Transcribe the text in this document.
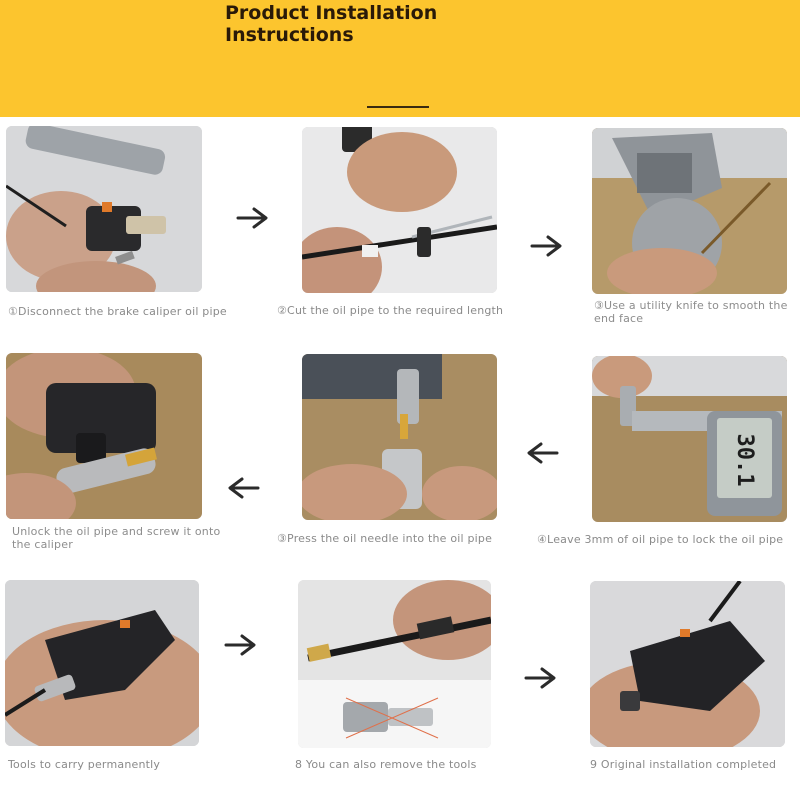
Product Installation
Instructions
①Disconnect the brake caliper oil pipe	②Cut the oil pipe to the required length	③Use a utility knife to smooth the end face
Unlock the oil pipe and screw it onto the caliper	③Press the oil needle into the oil pipe
30.1
④Leave 3mm of oil pipe to lock the oil pipe
Tools to carry permanently	8 You can also remove the tools	9 Original installation completed
